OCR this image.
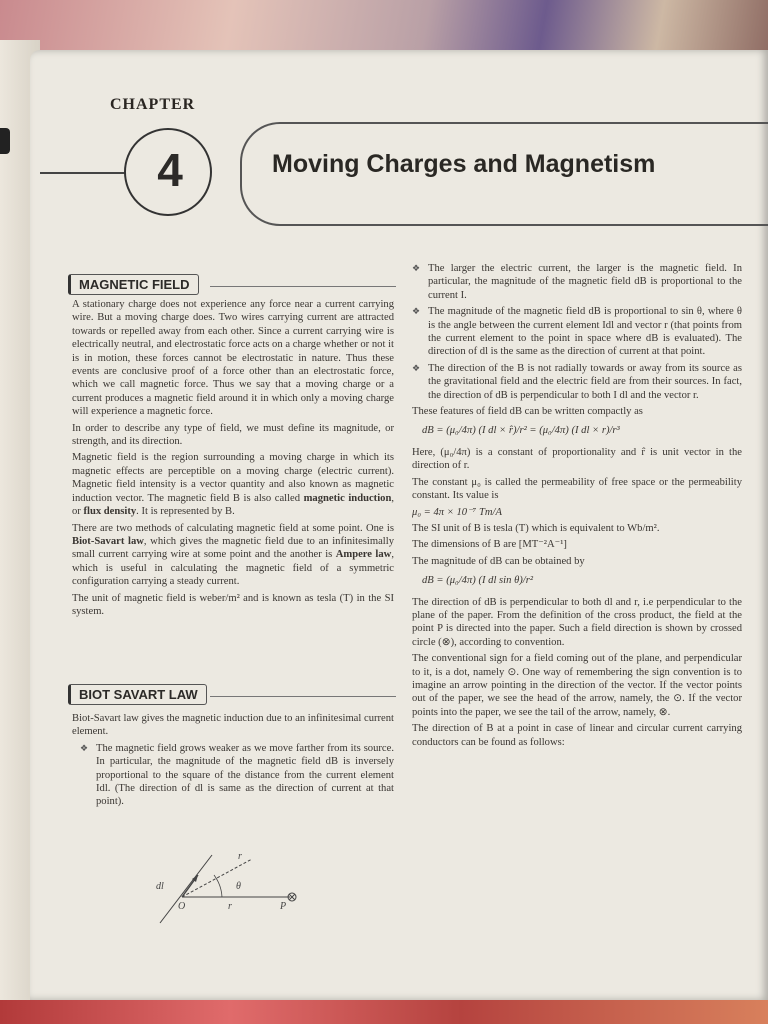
CHAPTER
4	Moving Charges and Magnetism
MAGNETIC FIELD

A stationary charge does not experience any force near a current carrying wire. But a moving charge does. Two wires carrying current are attracted towards or repelled away from each other. Since a current carrying wire is electrically neutral, and electrostatic force acts on a charge whether or not it is in motion, these forces cannot be electrostatic in nature. Thus these events are conclusive proof of a force other than an electrostatic force, which we call magnetic force. Thus we say that a moving charge or a current produces a magnetic field around it in which only a moving charge will experience a magnetic force.

In order to describe any type of field, we must define its magnitude, or strength, and its direction.

Magnetic field is the region surrounding a moving charge in which its magnetic effects are perceptible on a moving charge (electric current). Magnetic field intensity is a vector quantity and also known as magnetic induction vector. The magnetic field B is also called magnetic induction, or flux density. It is represented by B.

There are two methods of calculating magnetic field at some point. One is Biot-Savart law, which gives the magnetic field due to an infinitesimally small current carrying wire at some point and the another is Ampere law, which is useful in calculating the magnetic field of a symmetric configuration carrying a steady current.

The unit of magnetic field is weber/m² and is known as tesla (T) in the SI system.

BIOT SAVART LAW

Biot-Savart law gives the magnetic induction due to an infinitesimal current element.

❖ The magnetic field grows weaker as we move farther from its source. In particular, the magnitude of the magnetic field dB is inversely proportional to the square of the distance from the current element Idl. (The direction of dl is same as the direction of current at that point).

dl
O	r	P
θ
r

❖ The larger the electric current, the larger is the magnetic field. In particular, the magnitude of the magnetic field dB is proportional to the current I.

❖ The magnitude of the magnetic field dB is proportional to sin θ, where θ is the angle between the current element Idl and vector r (that points from the current element to the point in space where dB is evaluated). The direction of dl is the same as the direction of current at that point.

❖ The direction of the B is not radially towards or away from its source as the gravitational field and the electric field are from their sources. In fact, the direction of dB is perpendicular to both I dl and the vector r.

These features of field dB can be written compactly as

dB = (μ₀/4π) (I dl × r̂)/r² = (μ₀/4π) (I dl × r)/r³

Here, (μ₀/4π) is a constant of proportionality and r̂ is unit vector in the direction of r.

The constant μ₀ is called the permeability of free space or the permeability constant. Its value is

μ₀ = 4π × 10⁻⁷ Tm/A

The SI unit of B is tesla (T) which is equivalent to Wb/m².

The dimensions of B are [MT⁻²A⁻¹]

The magnitude of dB can be obtained by

dB = (μ₀/4π) (I dl sin θ)/r²

The direction of dB is perpendicular to both dl and r, i.e perpendicular to the plane of the paper. From the definition of the cross product, the field at the point P is directed into the paper. Such a field direction is shown by crossed circle (⊗), according to convention.

The conventional sign for a field coming out of the plane, and perpendicular to it, is a dot, namely ⊙. One way of remembering the sign convention is to imagine an arrow pointing in the direction of the vector. If the vector points out of the paper, we see the head of the arrow, namely, the ⊙. If the vector points into the paper, we see the tail of the arrow, namely, ⊗.

The direction of B at a point in case of linear and circular current carrying conductors can be found as follows:
